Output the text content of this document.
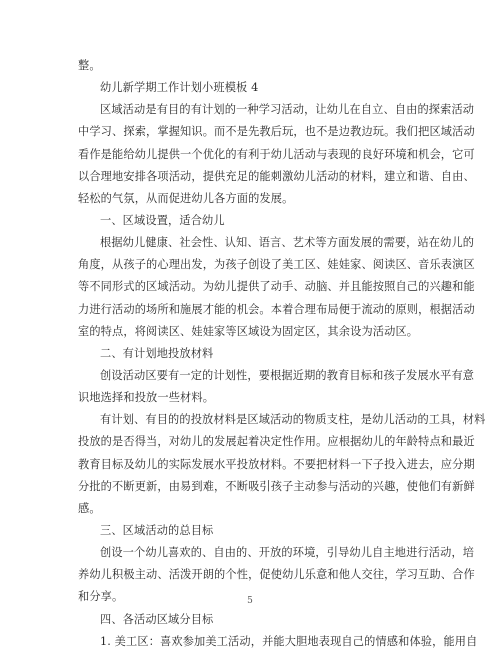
整。
幼儿新学期工作计划小班模板 4
区域活动是有目的有计划的一种学习活动，让幼儿在自立、自由的探索活动
中学习、探索，掌握知识。而不是先教后玩，也不是边教边玩。我们把区域活动
看作是能给幼儿提供一个优化的有利于幼儿活动与表现的良好环境和机会，它可
以合理地安排各项活动，提供充足的能刺激幼儿活动的材料，建立和谐、自由、
轻松的气氛，从而促进幼儿各方面的发展。
一、区域设置，适合幼儿
根据幼儿健康、社会性、认知、语言、艺术等方面发展的需要，站在幼儿的
角度，从孩子的心理出发，为孩子创设了美工区、娃娃家、阅读区、音乐表演区
等不同形式的区域活动。为幼儿提供了动手、动脑、并且能按照自己的兴趣和能
力进行活动的场所和施展才能的机会。本着合理布局便于流动的原则，根据活动
室的特点，将阅读区、娃娃家等区域设为固定区，其余设为活动区。
二、有计划地投放材料
创设活动区要有一定的计划性，要根据近期的教育目标和孩子发展水平有意
识地选择和投放一些材料。
有计划、有目的的投放材料是区域活动的物质支柱，是幼儿活动的工具，材料
投放的是否得当，对幼儿的发展起着决定性作用。应根据幼儿的年龄特点和最近
教育目标及幼儿的实际发展水平投放材料。不要把材料一下子投入进去，应分期
分批的不断更新，由易到难，不断吸引孩子主动参与活动的兴趣，使他们有新鲜
感。
三、区域活动的总目标
创设一个幼儿喜欢的、自由的、开放的环境，引导幼儿自主地进行活动，培
养幼儿积极主动、活泼开朗的个性，促使幼儿乐意和他人交往，学习互助、合作
和分享。
四、各活动区域分目标
1. 美工区：喜欢参加美工活动，并能大胆地表现自己的情感和体验，能用自
5
